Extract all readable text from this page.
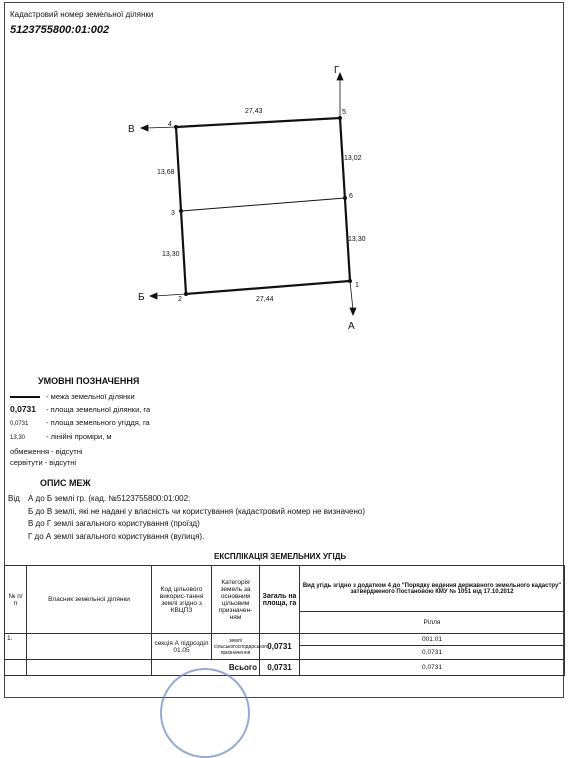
Кадастровий номер земельної ділянки
5123755800:01:002
Г
В
Б
А
1
2
3
4
5
6
27,43
13,02
13,30
27,44
13,68
13,30
УМОВНІ ПОЗНАЧЕННЯ
- межа земельної ділянки
0,0731 - площа земельної ділянки, га
0,0731 - площа земельного угіддя, га
13,30	- лінійні проміри, м
обмеження - відсутні
сервітути - відсутні
ОПИС МЕЖ
Від А до Б землі гр. (кад. №5123755800:01:002:
Б до В землі, які не надані у власність чи користування (кадастровий номер не визначено)
В до Г землі загального користування (проїзд)
Г до А землі загального користування (вулиця).
ЕКСПЛІКАЦІЯ ЗЕМЕЛЬНИХ УГІДЬ
№ п/п	Власник земельної ділянки	Код цільового викорис-тання землі згідно з КВЦПЗ	Категорія земель за основним цільовим призначен-ням	Загаль на площа, га	Вид угідь згідно з додатком 4 до "Порядку ведення державного земельного кадастру" затвердженого Постановою КМУ № 1051 від 17.10.2012
					Рілля
1.		секція А підрозділ 01.05	землі сільськогосподарського призначення	0,0731	001.01
					0,0731
		Всього		0,0731	0,0731
